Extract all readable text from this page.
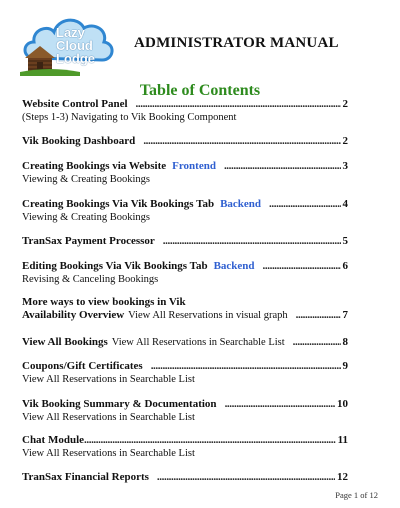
Lazy
Cloud
Lodge
ADMINISTRATOR MANUAL
Table of Contents
Website Control Panel .....	2
(Steps 1-3) Navigating to Vik Booking Component
Vik Booking Dashboard .....	2
Creating Bookings via Website Frontend .....	3
Viewing & Creating Bookings
Creating Bookings Via Vik Bookings Tab Backend .....	4
Viewing & Creating Bookings
TranSax Payment Processor .....	5
Editing Bookings Via Vik Bookings Tab Backend .....	6
Revising & Canceling Bookings
More ways to view bookings in Vik
Availability Overview View All Reservations in visual graph .....	7
View All Bookings View All Reservations in Searchable List .....	8
Coupons/Gift Certificates .....	9
View All Reservations in Searchable List
Vik Booking Summary & Documentation .....	10
View All Reservations in Searchable List
Chat Module .....	11
View All Reservations in Searchable List
TranSax Financial Reports .....	12
Page 1 of 12
